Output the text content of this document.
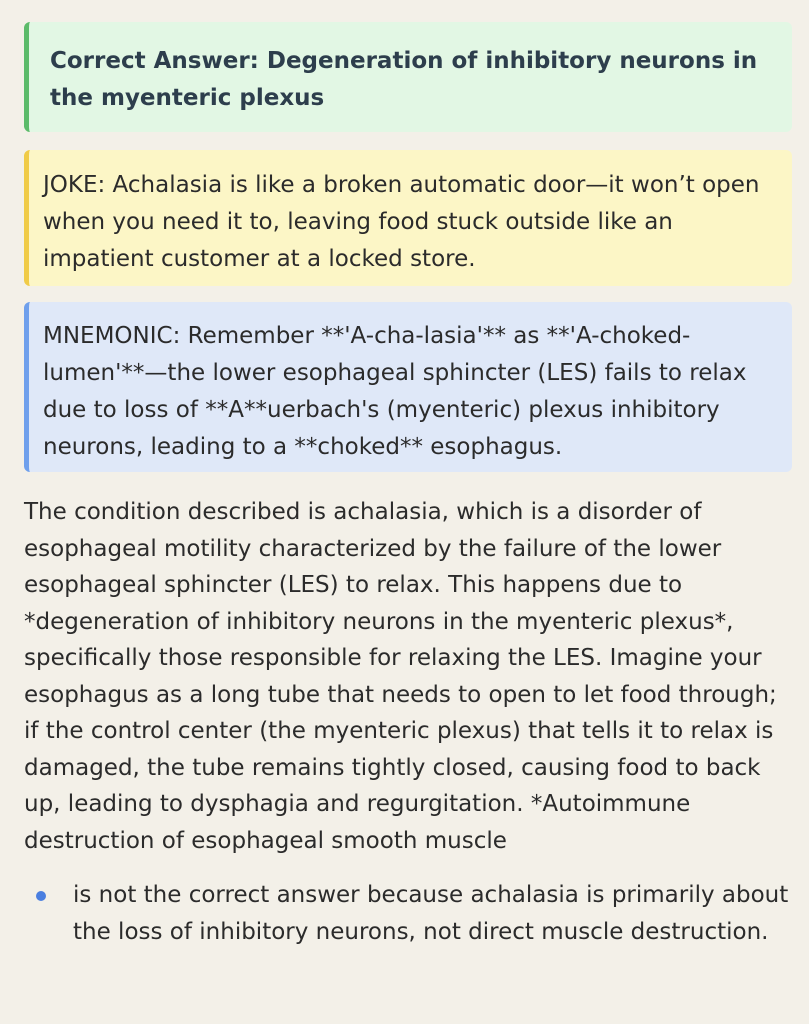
Correct Answer: Degeneration of inhibitory neurons in the myenteric plexus
JOKE: Achalasia is like a broken automatic door—it won’t open when you need it to, leaving food stuck outside like an impatient customer at a locked store.
MNEMONIC: Remember **'A-cha-lasia'** as **'A-choked-lumen'**—the lower esophageal sphincter (LES) fails to relax due to loss of **A**uerbach's (myenteric) plexus inhibitory neurons, leading to a **choked** esophagus.

The condition described is achalasia, which is a disorder of esophageal motility characterized by the failure of the lower esophageal sphincter (LES) to relax. This happens due to *degeneration of inhibitory neurons in the myenteric plexus*, specifically those responsible for relaxing the LES. Imagine your esophagus as a long tube that needs to open to let food through; if the control center (the myenteric plexus) that tells it to relax is damaged, the tube remains tightly closed, causing food to back up, leading to dysphagia and regurgitation. *Autoimmune destruction of esophageal smooth muscle

is not the correct answer because achalasia is primarily about the loss of inhibitory neurons, not direct muscle destruction.
